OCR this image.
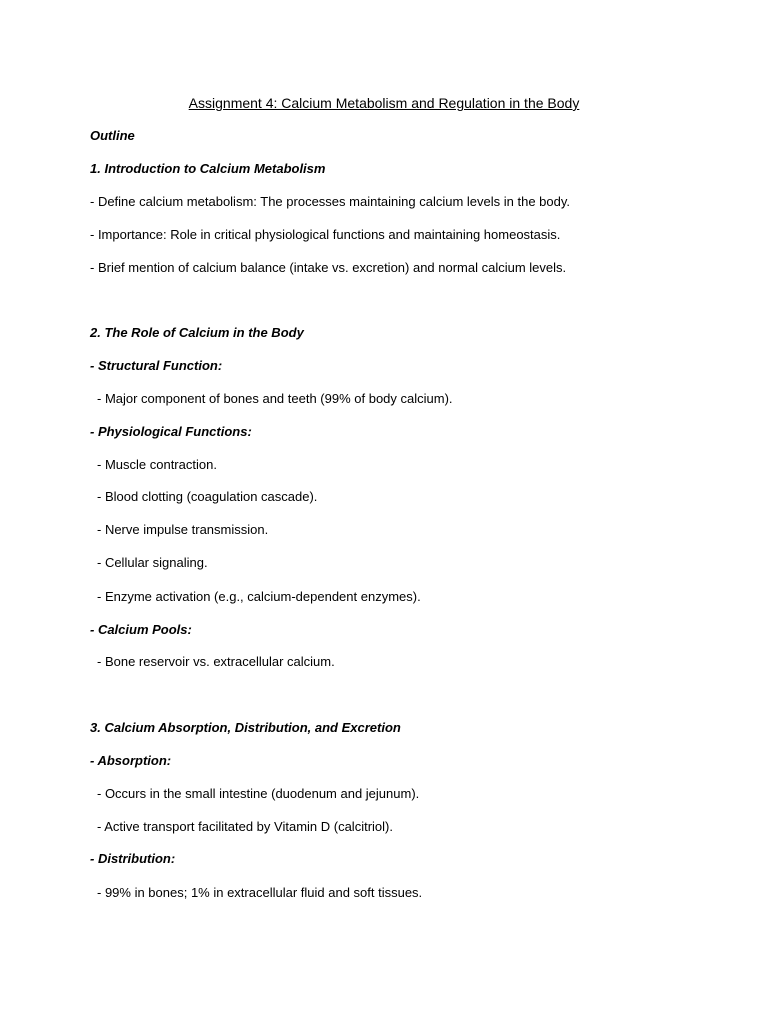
Assignment 4: Calcium Metabolism and Regulation in the Body
Outline
1. Introduction to Calcium Metabolism
- Define calcium metabolism: The processes maintaining calcium levels in the body.
- Importance: Role in critical physiological functions and maintaining homeostasis.
- Brief mention of calcium balance (intake vs. excretion) and normal calcium levels.
2. The Role of Calcium in the Body
- Structural Function:
- Major component of bones and teeth (99% of body calcium).
- Physiological Functions:
- Muscle contraction.
- Blood clotting (coagulation cascade).
- Nerve impulse transmission.
- Cellular signaling.
- Enzyme activation (e.g., calcium-dependent enzymes).
- Calcium Pools:
- Bone reservoir vs. extracellular calcium.
3. Calcium Absorption, Distribution, and Excretion
- Absorption:
- Occurs in the small intestine (duodenum and jejunum).
- Active transport facilitated by Vitamin D (calcitriol).
- Distribution:
- 99% in bones; 1% in extracellular fluid and soft tissues.
